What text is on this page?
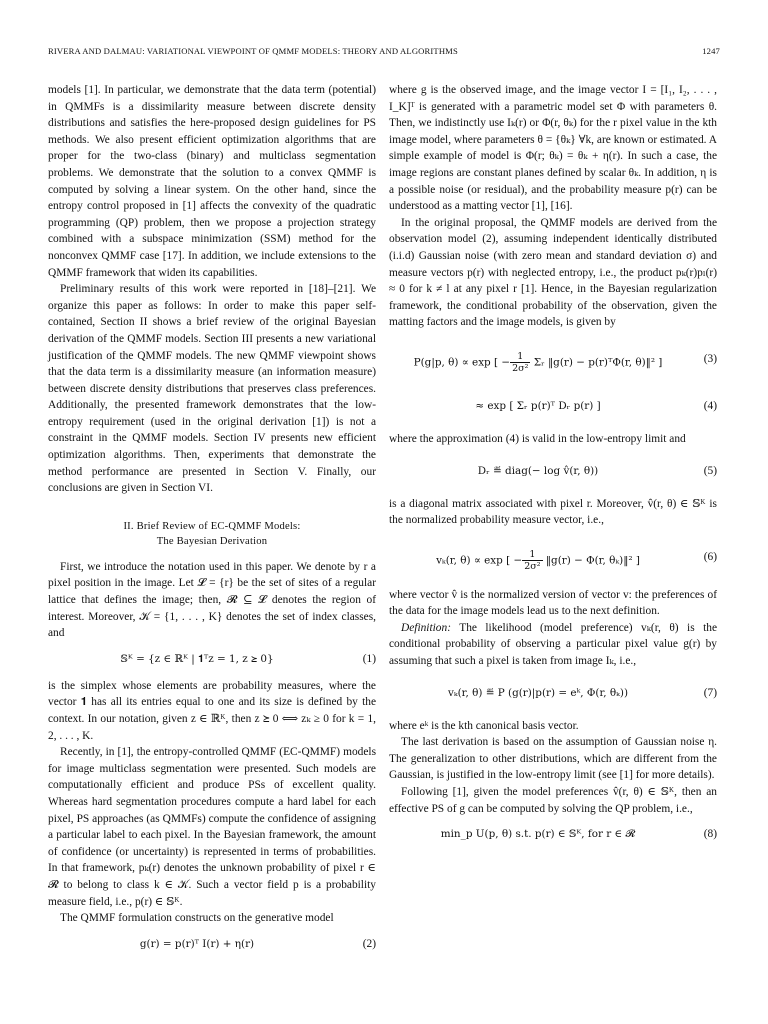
RIVERA AND DALMAU: VARIATIONAL VIEWPOINT OF QMMF MODELS: THEORY AND ALGORITHMS	1247

models [1]. In particular, we demonstrate that the data term (potential) in QMMFs is a dissimilarity measure between discrete density distributions and satisfies the here-proposed design guidelines for PS methods. We also present efficient optimization algorithms that are proper for the two-class (binary) and multiclass segmentation problems. We demonstrate that the solution to a convex QMMF is computed by solving a linear system. On the other hand, since the entropy control proposed in [1] affects the convexity of the quadratic programming (QP) problem, then we propose a projection strategy combined with a subspace minimization (SSM) method for the nonconvex QMMF case [17]. In addition, we include extensions to the QMMF framework that widen its capabilities.

Preliminary results of this work were reported in [18]–[21]. We organize this paper as follows: In order to make this paper self-contained, Section II shows a brief review of the original Bayesian derivation of the QMMF models. Section III presents a new variational justification of the QMMF models. The new QMMF viewpoint shows that the data term is a dissimilarity measure (an information measure) between discrete density distributions that preserves class preferences. Additionally, the presented framework demonstrates that the low-entropy requirement (used in the original derivation [1]) is not a constraint in the QMMF models. Section IV presents new efficient optimization algorithms. Then, experiments that demonstrate the method performance are presented in Section V. Finally, our conclusions are given in Section VI.

II. Brief Review of EC-QMMF Models:
The Bayesian Derivation

First, we introduce the notation used in this paper. We denote by r a pixel position in the image. Let 𝓛 = {r} be the set of sites of a regular lattice that defines the image; then, 𝓡 ⊆ 𝓛 denotes the region of interest. Moreover, 𝒦 = {1, . . . , K} denotes the set of index classes, and

𝕊ᴷ = {z ∈ ℝᴷ | 𝟏ᵀz = 1, z ⪰ 0}	(1)

is the simplex whose elements are probability measures, where the vector 𝟏 has all its entries equal to one and its size is defined by the context. In our notation, given z ∈ ℝᴷ, then z ⪰ 0 ⟺ zₖ ≥ 0 for k = 1, 2, . . . , K.

Recently, in [1], the entropy-controlled QMMF (EC-QMMF) models for image multiclass segmentation were presented. Such models are computationally efficient and produce PSs of excellent quality. Whereas hard segmentation procedures compute a hard label for each pixel, PS approaches (as QMMFs) compute the confidence of assigning a particular label to each pixel. In the Bayesian framework, the amount of confidence (or uncertainty) is represented in terms of probabilities. In that framework, pₖ(r) denotes the unknown probability of pixel r ∈ 𝓡 to belong to class k ∈ 𝒦. Such a vector field p is a probability measure field, i.e., p(r) ∈ 𝕊ᴷ.

The QMMF formulation constructs on the generative model

g(r) = p(r)ᵀ I(r) + η(r)	(2)

where g is the observed image, and the image vector I = [I₁, I₂, . . . , I_K]ᵀ is generated with a parametric model set Φ with parameters θ. Then, we indistinctly use Iₖ(r) or Φ(r, θₖ) for the r pixel value in the kth image model, where parameters θ = {θₖ} ∀k, are known or estimated. A simple example of model is Φ(r; θₖ) = θₖ + η(r). In such a case, the image regions are constant planes defined by scalar θₖ. In addition, η is a possible noise (or residual), and the probability measure p(r) can be understood as a matting vector [1], [16].

In the original proposal, the QMMF models are derived from the observation model (2), assuming independent identically distributed (i.i.d) Gaussian noise (with zero mean and standard deviation σ) and measure vectors p(r) with neglected entropy, i.e., the product pₖ(r)pₗ(r) ≈ 0 for k ≠ l at any pixel r [1]. Hence, in the Bayesian regularization framework, the conditional probability of the observation, given the matting factors and the image models, is given by

P(g|p, θ) ∝ exp [ − $\frac{1}{\text{2σ²}}$ Σᵣ ‖g(r) − p(r)ᵀΦ(r, θ)‖² ]	(3)
≈ exp [ Σᵣ p(r)ᵀ Dᵣ p(r) ]	(4)

where the approximation (4) is valid in the low-entropy limit and

Dᵣ ≝ diag(− log v̂(r, θ))	(5)

is a diagonal matrix associated with pixel r. Moreover, v̂(r, θ) ∈ 𝕊ᴷ is the normalized probability measure vector, i.e.,

vₖ(r, θ) ∝ exp [ − $\frac{1}{\text{2σ²}}$ ‖g(r) − Φ(r, θₖ)‖² ]	(6)

where vector v̂ is the normalized version of vector v: the preferences of the data for the image models lead us to the next definition.

Definition: The likelihood (model preference) vₖ(r, θ) is the conditional probability of observing a particular pixel value g(r) by assuming that such a pixel is taken from image Iₖ, i.e.,

vₖ(r, θ) ≝ P (g(r)|p(r) = eᵏ, Φ(r, θₖ))	(7)

where eᵏ is the kth canonical basis vector.

The last derivation is based on the assumption of Gaussian noise η. The generalization to other distributions, which are different from the Gaussian, is justified in the low-entropy limit (see [1] for more details).

Following [1], given the model preferences v̂(r, θ) ∈ 𝕊ᴷ, then an effective PS of g can be computed by solving the QP problem, i.e.,

min_p U(p, θ) s.t. p(r) ∈ 𝕊ᴷ, for r ∈ 𝓡	(8)
